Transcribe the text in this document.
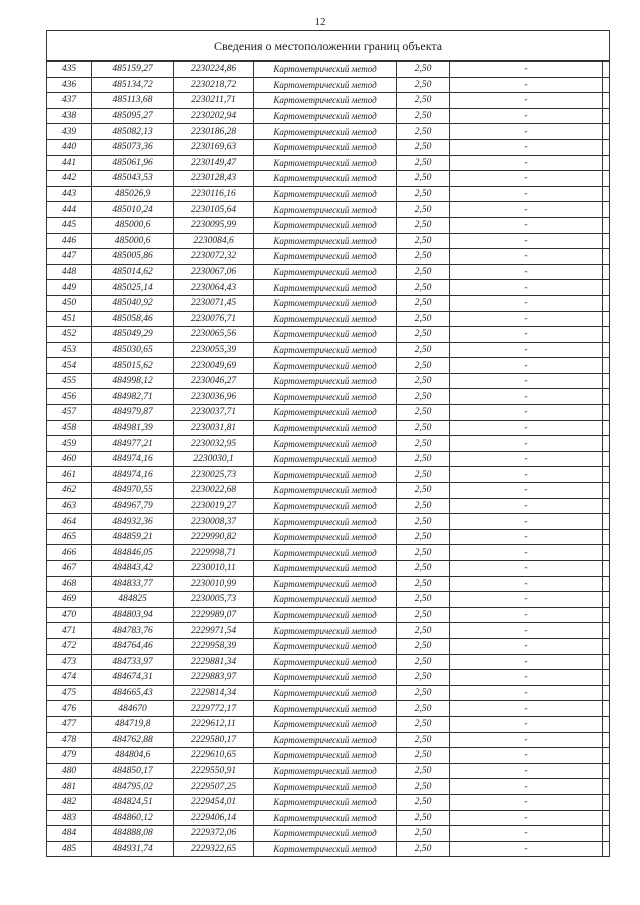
12
Сведения о местоположении границ объекта						
435	485159,27	2230224,86	Картометрический метод	2,50	-	
436	485134,72	2230218,72	Картометрический метод	2,50	-	
437	485113,68	2230211,71	Картометрический метод	2,50	-	
438	485095,27	2230202,94	Картометрический метод	2,50	-	
439	485082,13	2230186,28	Картометрический метод	2,50	-	
440	485073,36	2230169,63	Картометрический метод	2,50	-	
441	485061,96	2230149,47	Картометрический метод	2,50	-	
442	485043,53	2230128,43	Картометрический метод	2,50	-	
443	485026,9	2230116,16	Картометрический метод	2,50	-	
444	485010,24	2230105,64	Картометрический метод	2,50	-	
445	485000,6	2230095,99	Картометрический метод	2,50	-	
446	485000,6	2230084,6	Картометрический метод	2,50	-	
447	485005,86	2230072,32	Картометрический метод	2,50	-	
448	485014,62	2230067,06	Картометрический метод	2,50	-	
449	485025,14	2230064,43	Картометрический метод	2,50	-	
450	485040,92	2230071,45	Картометрический метод	2,50	-	
451	485058,46	2230076,71	Картометрический метод	2,50	-	
452	485049,29	2230065,56	Картометрический метод	2,50	-	
453	485030,65	2230055,39	Картометрический метод	2,50	-	
454	485015,62	2230049,69	Картометрический метод	2,50	-	
455	484998,12	2230046,27	Картометрический метод	2,50	-	
456	484982,71	2230036,96	Картометрический метод	2,50	-	
457	484979,87	2230037,71	Картометрический метод	2,50	-	
458	484981,39	2230031,81	Картометрический метод	2,50	-	
459	484977,21	2230032,95	Картометрический метод	2,50	-	
460	484974,16	2230030,1	Картометрический метод	2,50	-	
461	484974,16	2230025,73	Картометрический метод	2,50	-	
462	484970,55	2230022,68	Картометрический метод	2,50	-	
463	484967,79	2230019,27	Картометрический метод	2,50	-	
464	484932,36	2230008,37	Картометрический метод	2,50	-	
465	484859,21	2229990,82	Картометрический метод	2,50	-	
466	484846,05	2229998,71	Картометрический метод	2,50	-	
467	484843,42	2230010,11	Картометрический метод	2,50	-	
468	484833,77	2230010,99	Картометрический метод	2,50	-	
469	484825	2230005,73	Картометрический метод	2,50	-	
470	484803,94	2229989,07	Картометрический метод	2,50	-	
471	484783,76	2229971,54	Картометрический метод	2,50	-	
472	484764,46	2229958,39	Картометрический метод	2,50	-	
473	484733,97	2229881,34	Картометрический метод	2,50	-	
474	484674,31	2229883,97	Картометрический метод	2,50	-	
475	484665,43	2229814,34	Картометрический метод	2,50	-	
476	484670	2229772,17	Картометрический метод	2,50	-	
477	484719,8	2229612,11	Картометрический метод	2,50	-	
478	484762,88	2229580,17	Картометрический метод	2,50	-	
479	484804,6	2229610,65	Картометрический метод	2,50	-	
480	484850,17	2229550,91	Картометрический метод	2,50	-	
481	484795,02	2229507,25	Картометрический метод	2,50	-	
482	484824,51	2229454,01	Картометрический метод	2,50	-	
483	484860,12	2229406,14	Картометрический метод	2,50	-	
484	484888,08	2229372,06	Картометрический метод	2,50	-	
485	484931,74	2229322,65	Картометрический метод	2,50	-	
